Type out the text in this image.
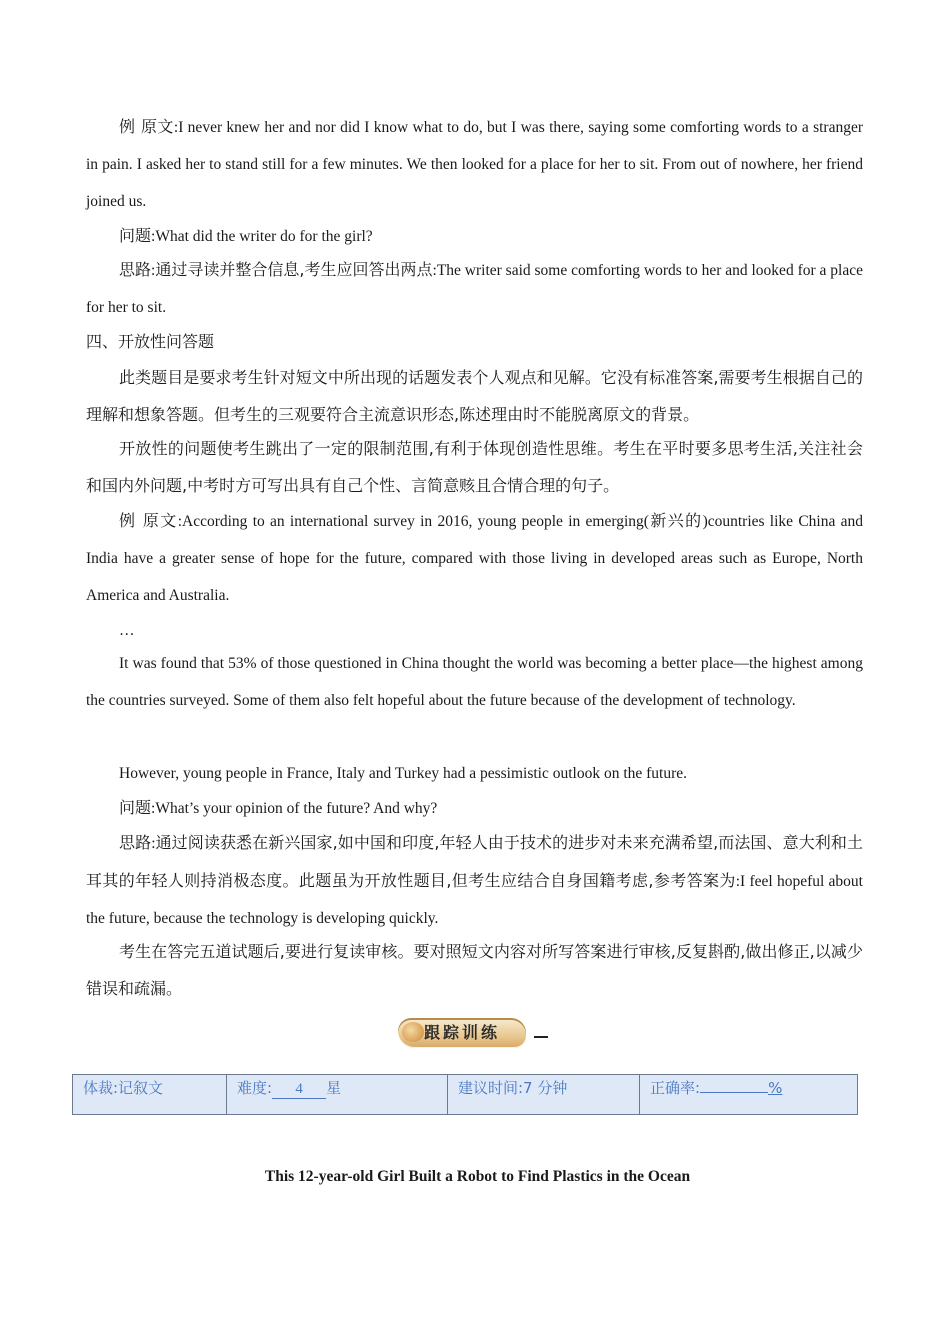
例 原文:I never knew her and nor did I know what to do, but I was there, saying some comforting words to a stranger in pain. I asked her to stand still for a few minutes. We then looked for a place for her to sit. From out of nowhere, her friend joined us.
问题:What did the writer do for the girl?
思路:通过寻读并整合信息,考生应回答出两点:The writer said some comforting words to her and looked for a place for her to sit.
四、开放性问答题
此类题目是要求考生针对短文中所出现的话题发表个人观点和见解。它没有标准答案,需要考生根据自己的理解和想象答题。但考生的三观要符合主流意识形态,陈述理由时不能脱离原文的背景。
开放性的问题使考生跳出了一定的限制范围,有利于体现创造性思维。考生在平时要多思考生活,关注社会和国内外问题,中考时方可写出具有自己个性、言简意赅且合情合理的句子。
例 原文:According to an international survey in 2016, young people in emerging(新兴的)countries like China and India have a greater sense of hope for the future, compared with those living in developed areas such as Europe, North America and Australia.
…
It was found that 53% of those questioned in China thought the world was becoming a better place—the highest among the countries surveyed. Some of them also felt hopeful about the future because of the development of technology.
However, young people in France, Italy and Turkey had a pessimistic outlook on the future.
问题:What’s your opinion of the future? And why?
思路:通过阅读获悉在新兴国家,如中国和印度,年轻人由于技术的进步对未来充满希望,而法国、意大利和土耳其的年轻人则持消极态度。此题虽为开放性题目,但考生应结合自身国籍考虑,参考答案为:I feel hopeful about the future, because the technology is developing quickly.
考生在答完五道试题后,要进行复读审核。要对照短文内容对所写答案进行审核,反复斟酌,做出修正,以减少错误和疏漏。
跟踪训练
体裁:记叙文	难度: 4 星	建议时间:7 分钟	正确率:	%
This 12-year-old Girl Built a Robot to Find Plastics in the Ocean
